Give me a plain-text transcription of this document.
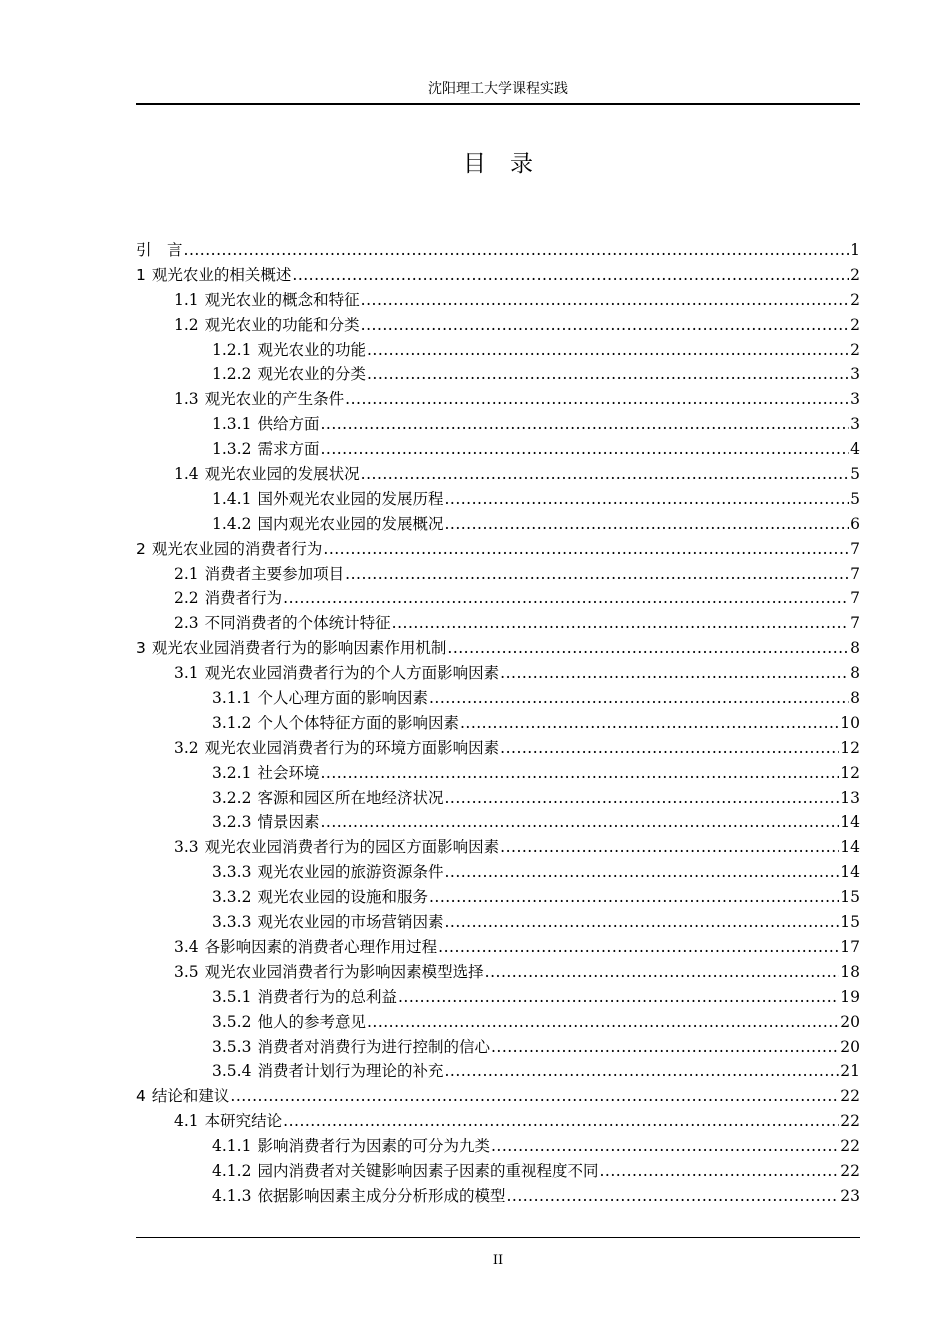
沈阳理工大学课程实践
目录
引　言 .....	1
1 观光农业的相关概述 .....	2
1.1 观光农业的概念和特征 .....	2
1.2 观光农业的功能和分类 .....	2
1.2.1 观光农业的功能 .....	2
1.2.2 观光农业的分类 .....	3
1.3 观光农业的产生条件 .....	3
1.3.1 供给方面 .....	3
1.3.2 需求方面 .....	4
1.4 观光农业园的发展状况 .....	5
1.4.1 国外观光农业园的发展历程 .....	5
1.4.2 国内观光农业园的发展概况 .....	6
2 观光农业园的消费者行为 .....	7
2.1 消费者主要参加项目 .....	7
2.2 消费者行为 .....	7
2.3 不同消费者的个体统计特征 .....	7
3 观光农业园消费者行为的影响因素作用机制 .....	8
3.1 观光农业园消费者行为的个人方面影响因素 .....	8
3.1.1 个人心理方面的影响因素 .....	8
3.1.2 个人个体特征方面的影响因素 .....	10
3.2 观光农业园消费者行为的环境方面影响因素 .....	12
3.2.1 社会环境 .....	12
3.2.2 客源和园区所在地经济状况 .....	13
3.2.3 情景因素 .....	14
3.3 观光农业园消费者行为的园区方面影响因素 .....	14
3.3.3 观光农业园的旅游资源条件 .....	14
3.3.2 观光农业园的设施和服务 .....	15
3.3.3 观光农业园的市场营销因素 .....	15
3.4 各影响因素的消费者心理作用过程 .....	17
3.5 观光农业园消费者行为影响因素模型选择 .....	18
3.5.1 消费者行为的总利益 .....	19
3.5.2 他人的参考意见 .....	20
3.5.3 消费者对消费行为进行控制的信心 .....	20
3.5.4 消费者计划行为理论的补充 .....	21
4 结论和建议 .....	22
4.1 本研究结论 .....	22
4.1.1 影响消费者行为因素的可分为九类 .....	22
4.1.2 园内消费者对关键影响因素子因素的重视程度不同 .....	22
4.1.3 依据影响因素主成分分析形成的模型 .....	23
II
